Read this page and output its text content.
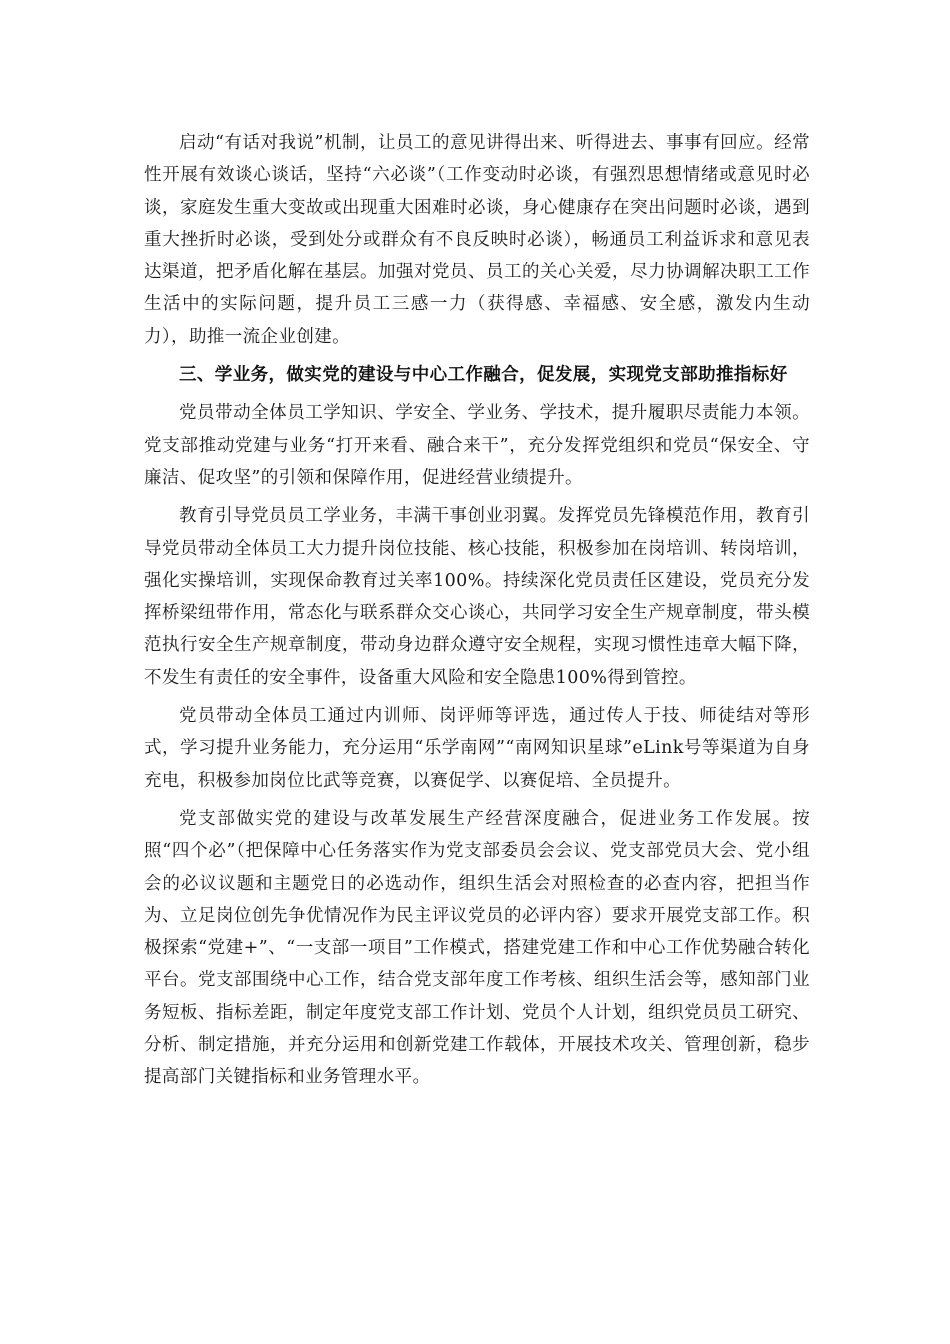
启动“有话对我说”机制，让员工的意见讲得出来、听得进去、事事有回应。经常性开展有效谈心谈话，坚持“六必谈”（工作变动时必谈，有强烈思想情绪或意见时必谈，家庭发生重大变故或出现重大困难时必谈，身心健康存在突出问题时必谈，遇到重大挫折时必谈，受到处分或群众有不良反映时必谈），畅通员工利益诉求和意见表达渠道，把矛盾化解在基层。加强对党员、员工的关心关爱，尽力协调解决职工工作生活中的实际问题，提升员工三感一力（获得感、幸福感、安全感，激发内生动力），助推一流企业创建。

三、学业务，做实党的建设与中心工作融合，促发展，实现党支部助推指标好

党员带动全体员工学知识、学安全、学业务、学技术，提升履职尽责能力本领。党支部推动党建与业务“打开来看、融合来干”，充分发挥党组织和党员“保安全、守廉洁、促攻坚”的引领和保障作用，促进经营业绩提升。

教育引导党员员工学业务，丰满干事创业羽翼。发挥党员先锋模范作用，教育引导党员带动全体员工大力提升岗位技能、核心技能，积极参加在岗培训、转岗培训，强化实操培训，实现保命教育过关率100%。持续深化党员责任区建设，党员充分发挥桥梁纽带作用，常态化与联系群众交心谈心，共同学习安全生产规章制度，带头模范执行安全生产规章制度，带动身边群众遵守安全规程，实现习惯性违章大幅下降，不发生有责任的安全事件，设备重大风险和安全隐患100%得到管控。

党员带动全体员工通过内训师、岗评师等评选，通过传人于技、师徒结对等形式，学习提升业务能力，充分运用“乐学南网”“南网知识星球”eLink号等渠道为自身充电，积极参加岗位比武等竞赛，以赛促学、以赛促培、全员提升。

党支部做实党的建设与改革发展生产经营深度融合，促进业务工作发展。按照“四个必”（把保障中心任务落实作为党支部委员会会议、党支部党员大会、党小组会的必议议题和主题党日的必选动作，组织生活会对照检查的必查内容，把担当作为、立足岗位创先争优情况作为民主评议党员的必评内容）要求开展党支部工作。积极探索“党建+”、“一支部一项目”工作模式，搭建党建工作和中心工作优势融合转化平台。党支部围绕中心工作，结合党支部年度工作考核、组织生活会等，感知部门业务短板、指标差距，制定年度党支部工作计划、党员个人计划，组织党员员工研究、分析、制定措施，并充分运用和创新党建工作载体，开展技术攻关、管理创新，稳步提高部门关键指标和业务管理水平。
